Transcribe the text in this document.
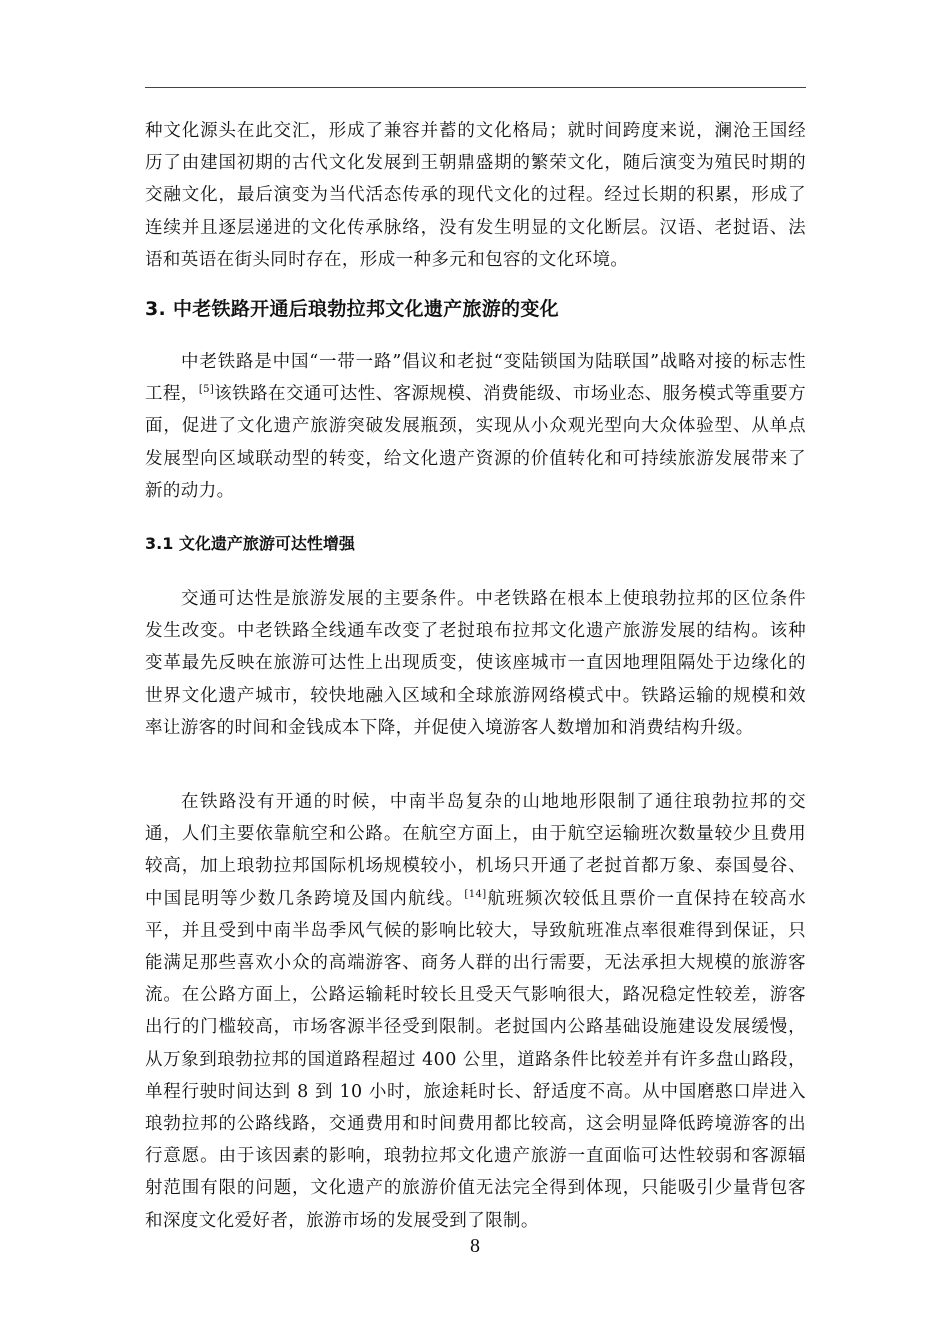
种文化源头在此交汇，形成了兼容并蓄的文化格局；就时间跨度来说，澜沧王国经历了由建国初期的古代文化发展到王朝鼎盛期的繁荣文化，随后演变为殖民时期的交融文化，最后演变为当代活态传承的现代文化的过程。经过长期的积累，形成了连续并且逐层递进的文化传承脉络，没有发生明显的文化断层。汉语、老挝语、法语和英语在街头同时存在，形成一种多元和包容的文化环境。

3. 中老铁路开通后琅勃拉邦文化遗产旅游的变化

中老铁路是中国“一带一路”倡议和老挝“变陆锁国为陆联国”战略对接的标志性工程，[5]该铁路在交通可达性、客源规模、消费能级、市场业态、服务模式等重要方面，促进了文化遗产旅游突破发展瓶颈，实现从小众观光型向大众体验型、从单点发展型向区域联动型的转变，给文化遗产资源的价值转化和可持续旅游发展带来了新的动力。

3.1 文化遗产旅游可达性增强

交通可达性是旅游发展的主要条件。中老铁路在根本上使琅勃拉邦的区位条件发生改变。中老铁路全线通车改变了老挝琅布拉邦文化遗产旅游发展的结构。该种变革最先反映在旅游可达性上出现质变，使该座城市一直因地理阻隔处于边缘化的世界文化遗产城市，较快地融入区域和全球旅游网络模式中。铁路运输的规模和效率让游客的时间和金钱成本下降，并促使入境游客人数增加和消费结构升级。

在铁路没有开通的时候，中南半岛复杂的山地地形限制了通往琅勃拉邦的交通，人们主要依靠航空和公路。在航空方面上，由于航空运输班次数量较少且费用较高，加上琅勃拉邦国际机场规模较小，机场只开通了老挝首都万象、泰国曼谷、中国昆明等少数几条跨境及国内航线。[14]航班频次较低且票价一直保持在较高水平，并且受到中南半岛季风气候的影响比较大，导致航班准点率很难得到保证，只能满足那些喜欢小众的高端游客、商务人群的出行需要，无法承担大规模的旅游客流。在公路方面上，公路运输耗时较长且受天气影响很大，路况稳定性较差，游客出行的门槛较高，市场客源半径受到限制。老挝国内公路基础设施建设发展缓慢，从万象到琅勃拉邦的国道路程超过 400 公里，道路条件比较差并有许多盘山路段，单程行驶时间达到 8 到 10 小时，旅途耗时长、舒适度不高。从中国磨憨口岸进入琅勃拉邦的公路线路，交通费用和时间费用都比较高，这会明显降低跨境游客的出行意愿。由于该因素的影响，琅勃拉邦文化遗产旅游一直面临可达性较弱和客源辐射范围有限的问题，文化遗产的旅游价值无法完全得到体现，只能吸引少量背包客和深度文化爱好者，旅游市场的发展受到了限制。

8
